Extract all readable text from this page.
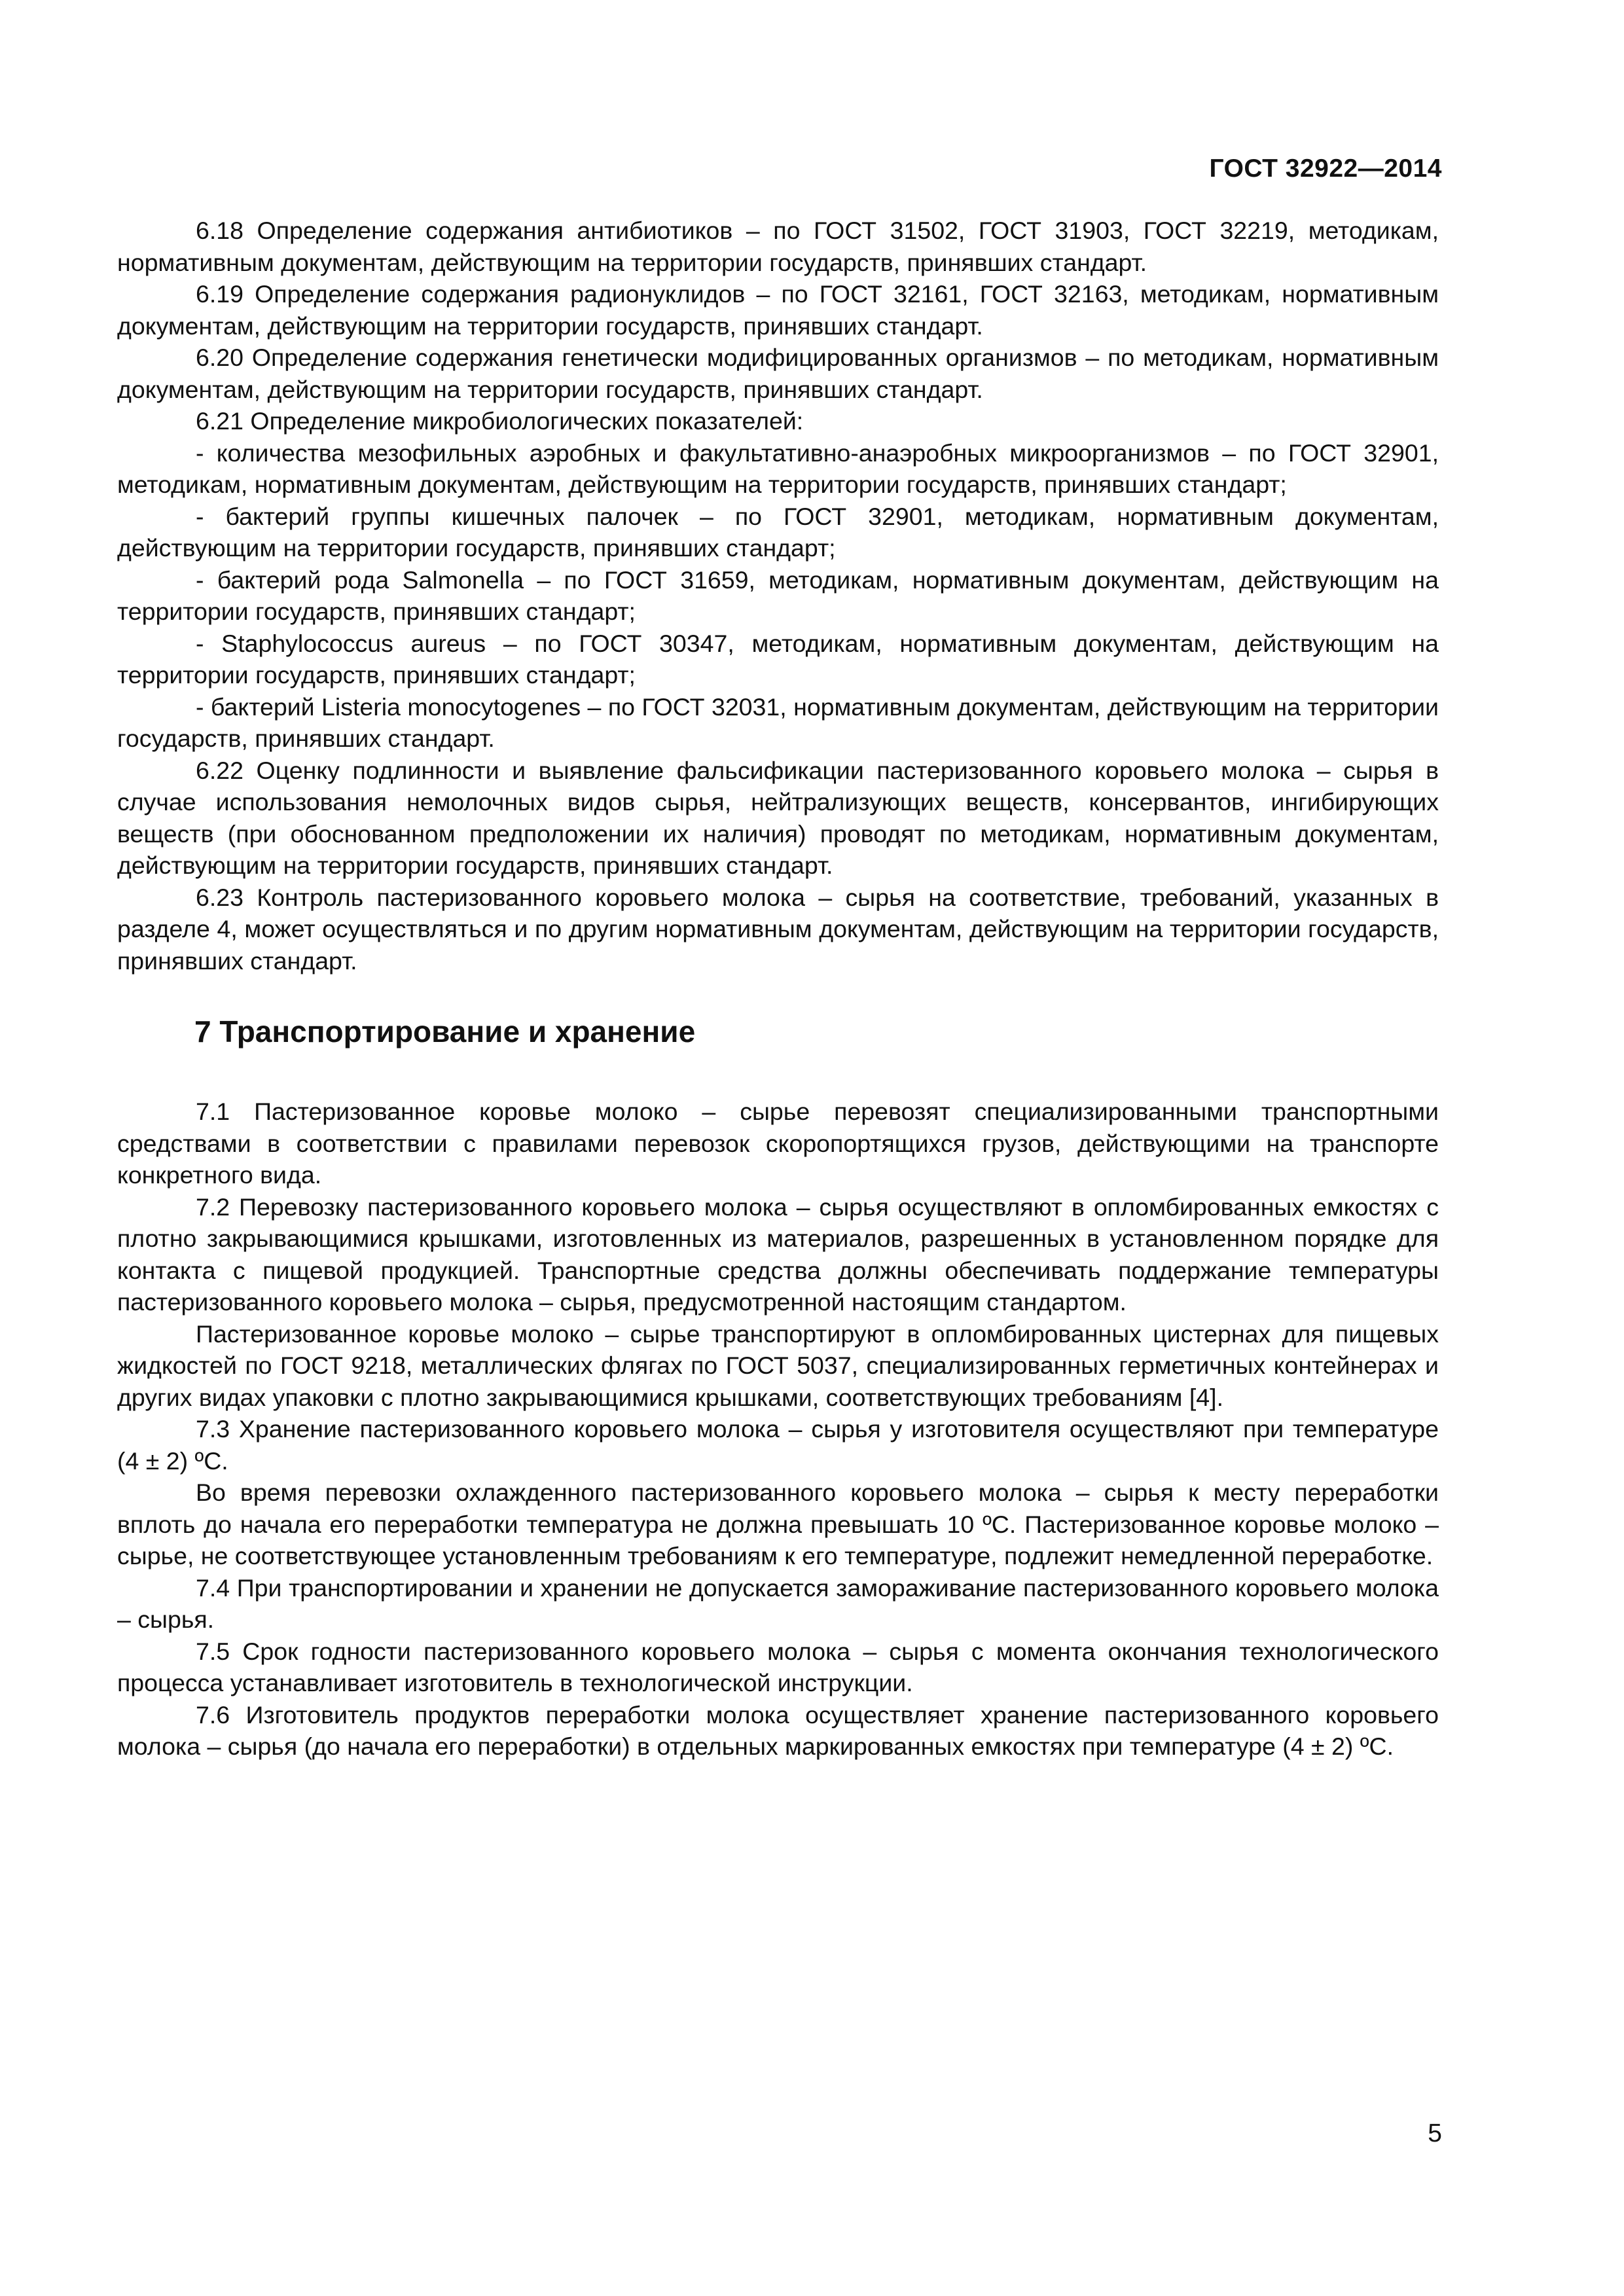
ГОСТ 32922—2014

6.18 Определение содержания антибиотиков – по ГОСТ 31502, ГОСТ 31903, ГОСТ 32219, методикам, нормативным документам, действующим на территории государств, принявших стандарт.

6.19 Определение содержания радионуклидов – по ГОСТ 32161, ГОСТ 32163, методикам, нормативным документам, действующим на территории государств, принявших стандарт.

6.20 Определение содержания генетически модифицированных организмов – по методикам, нормативным документам, действующим на территории государств, принявших стандарт.

6.21 Определение микробиологических показателей:

- количества мезофильных аэробных и факультативно-анаэробных микроорганизмов – по ГОСТ 32901, методикам, нормативным документам, действующим на территории государств, принявших стандарт;

- бактерий группы кишечных палочек – по ГОСТ 32901, методикам, нормативным документам, действующим на территории государств, принявших стандарт;

- бактерий рода Salmonella – по ГОСТ 31659, методикам, нормативным документам, действующим на территории государств, принявших стандарт;

- Staphylococcus aureus – по ГОСТ 30347, методикам, нормативным документам, действующим на территории государств, принявших стандарт;

- бактерий Listeria monocytogenes – по ГОСТ 32031, нормативным документам, действующим на территории государств, принявших стандарт.

6.22 Оценку подлинности и выявление фальсификации пастеризованного коровьего молока – сырья в случае использования немолочных видов сырья, нейтрализующих веществ, консервантов, ингибирующих веществ (при обоснованном предположении их наличия) проводят по методикам, нормативным документам, действующим на территории государств, принявших стандарт.

6.23 Контроль пастеризованного коровьего молока – сырья на соответствие, требований, указанных в разделе 4, может осуществляться и по другим нормативным документам, действующим на территории государств, принявших стандарт.

7 Транспортирование и хранение

7.1 Пастеризованное коровье молоко – сырье перевозят специализированными транспортными средствами в соответствии с правилами перевозок скоропортящихся грузов, действующими на транспорте конкретного вида.

7.2 Перевозку пастеризованного коровьего молока – сырья осуществляют в опломбированных емкостях с плотно закрывающимися крышками, изготовленных из материалов, разрешенных в установленном порядке для контакта с пищевой продукцией. Транспортные средства должны обеспечивать поддержание температуры пастеризованного коровьего молока – сырья, предусмотренной настоящим стандартом.

Пастеризованное коровье молоко – сырье транспортируют в опломбированных цистернах для пищевых жидкостей по ГОСТ 9218, металлических флягах по ГОСТ 5037, специализированных герметичных контейнерах и других видах упаковки с плотно закрывающимися крышками, соответствующих требованиям [4].

7.3 Хранение пастеризованного коровьего молока – сырья у изготовителя осуществляют при температуре (4 ± 2) ºС.

Во время перевозки охлажденного пастеризованного коровьего молока – сырья к месту переработки вплоть до начала его переработки температура не должна превышать 10 ºС. Пастеризованное коровье молоко – сырье, не соответствующее установленным требованиям к его температуре, подлежит немедленной переработке.

7.4 При транспортировании и хранении не допускается замораживание пастеризованного коровьего молока – сырья.

7.5 Срок годности пастеризованного коровьего молока – сырья с момента окончания технологического процесса устанавливает изготовитель в технологической инструкции.

7.6 Изготовитель продуктов переработки молока осуществляет хранение пастеризованного коровьего молока – сырья (до начала его переработки) в отдельных маркированных емкостях при температуре (4 ± 2) ºС.

5
